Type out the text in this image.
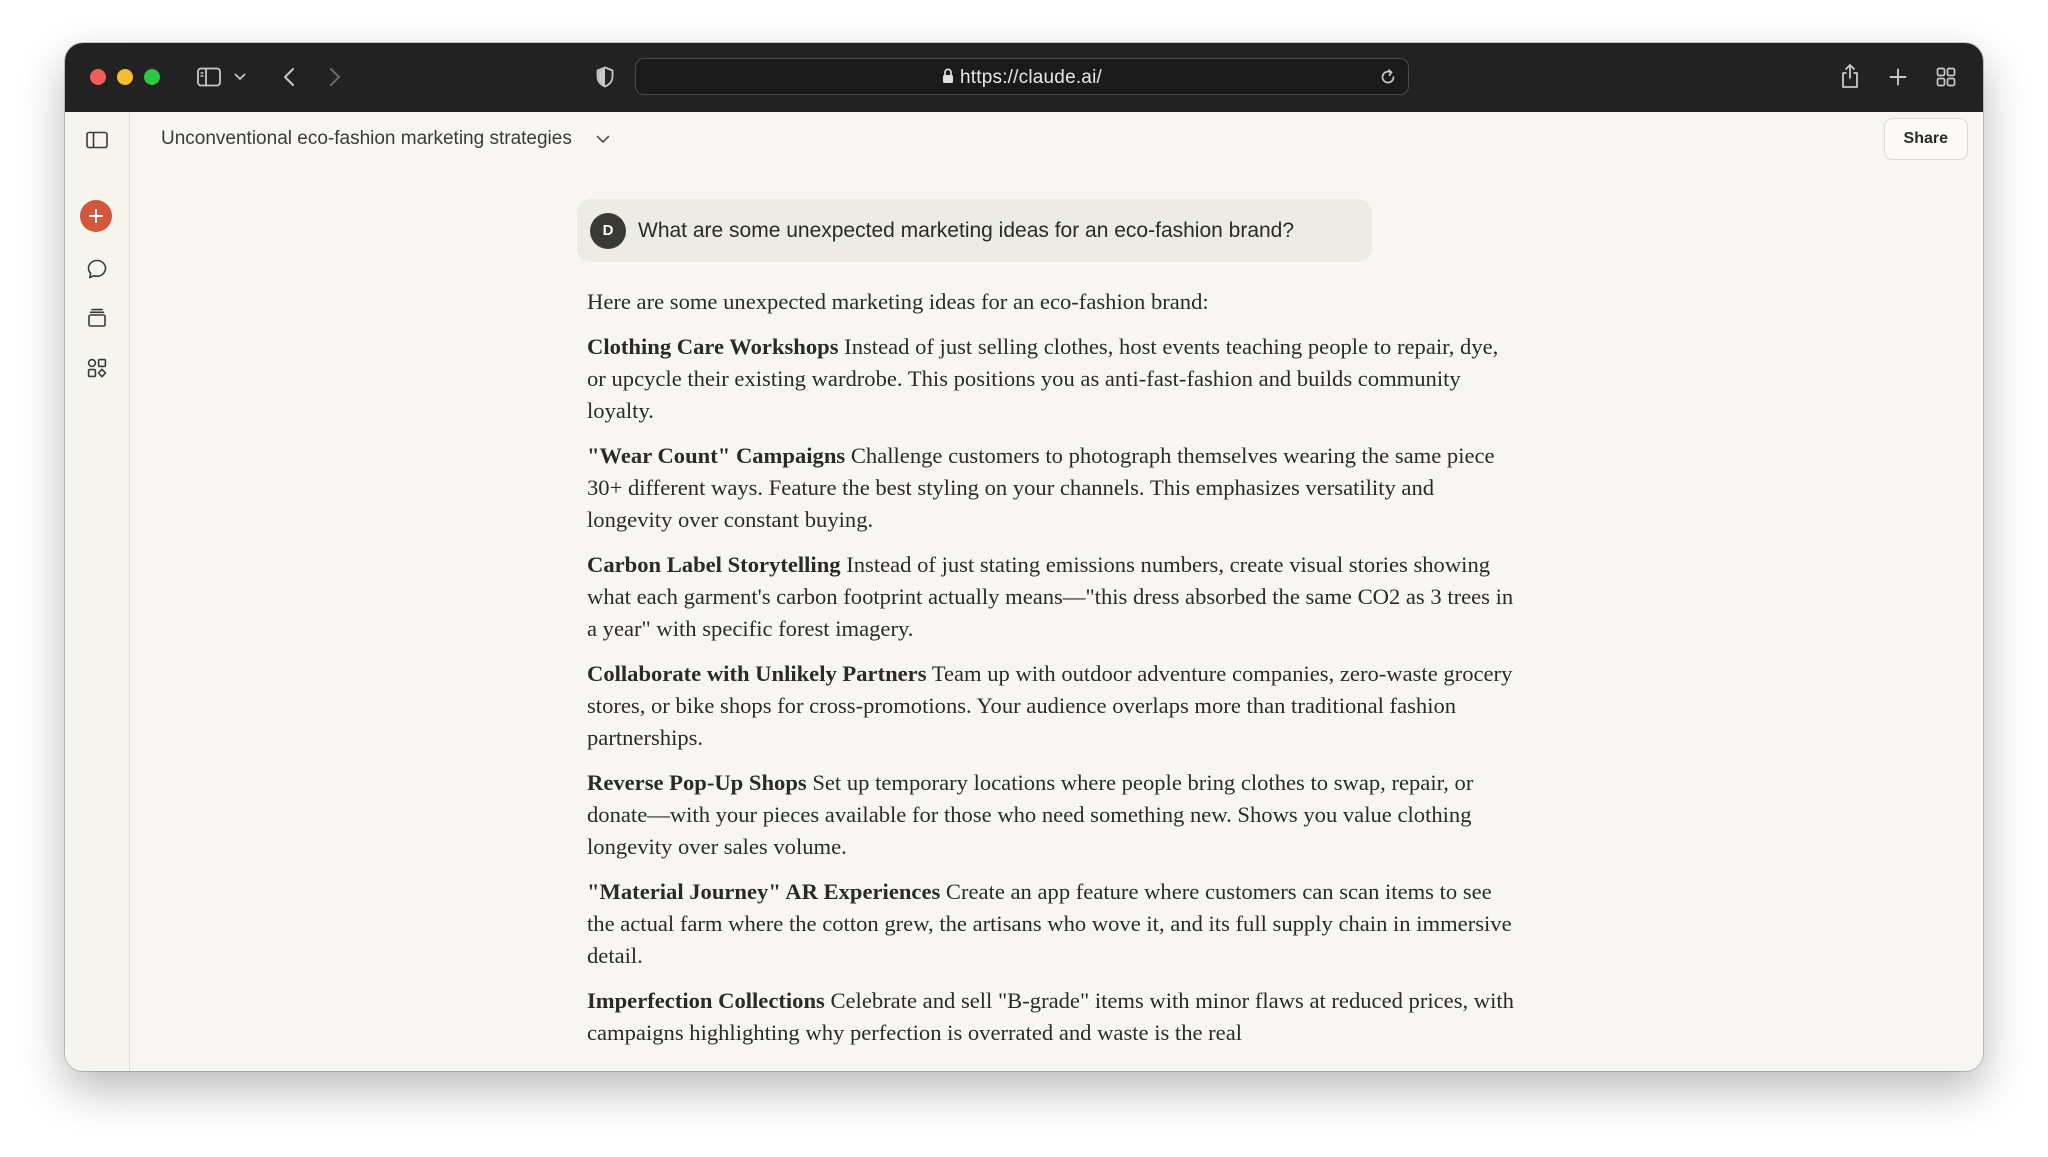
https://claude.ai/
Unconventional eco-fashion marketing strategies	Share
D	What are some unexpected marketing ideas for an eco-fashion brand?

Here are some unexpected marketing ideas for an eco-fashion brand:

Clothing Care Workshops Instead of just selling clothes, host events teaching people to repair, dye, or upcycle their existing wardrobe. This positions you as anti-fast-fashion and builds community loyalty.

"Wear Count" Campaigns Challenge customers to photograph themselves wearing the same piece 30+ different ways. Feature the best styling on your channels. This emphasizes versatility and longevity over constant buying.

Carbon Label Storytelling Instead of just stating emissions numbers, create visual stories showing what each garment's carbon footprint actually means—"this dress absorbed the same CO2 as 3 trees in a year" with specific forest imagery.

Collaborate with Unlikely Partners Team up with outdoor adventure companies, zero-waste grocery stores, or bike shops for cross-promotions. Your audience overlaps more than traditional fashion partnerships.

Reverse Pop-Up Shops Set up temporary locations where people bring clothes to swap, repair, or donate—with your pieces available for those who need something new. Shows you value clothing longevity over sales volume.

"Material Journey" AR Experiences Create an app feature where customers can scan items to see the actual farm where the cotton grew, the artisans who wove it, and its full supply chain in immersive detail.

Imperfection Collections Celebrate and sell "B-grade" items with minor flaws at reduced prices, with campaigns highlighting why perfection is overrated and waste is the real
